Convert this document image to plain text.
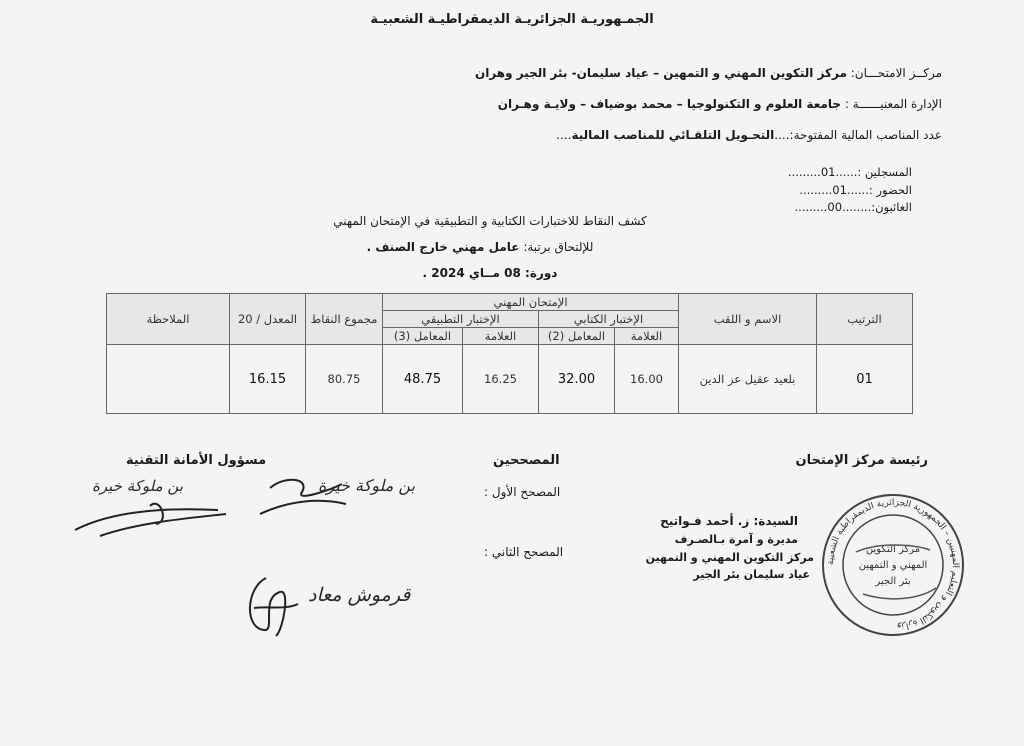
الجمـهوريـة الجزائريـة الديمقراطيـة الشعبيـة
مركــز الامتحـــان: مركز التكوين المهني و التمهين – عياد سليمان- بئر الجير وهران
الإدارة المعنيــــــة : جامعة العلوم و التكنولوجيا – محمد بوضياف – ولايـة وهـران
عدد المناصب المالية المفتوحة:....التحـويل التلقـائي للمناصب المالية....
المسجلين :......01.........
الحضور :......01.........
الغائبون:........00.........
كشف النقاط للاختبارات الكتابية و التطبيقية في الإمتحان المهني
للإلتحاق برتبة: عامل مهني خارج الصنف .
دورة: 08 مــاي 2024 .
الترتيب	الاسم و اللقب	الإمتحان المهني				مجموع النقاط	المعدل / 20	الملاحظة
		الإختبار الكتابي		الإختبار التطبيقي				
		العلامة	المعامل (2)	العلامة	المعامل (3)			
01	بلعيد عقيل عز الدين	16.00	32.00	16.25	48.75	80.75	16.15	
رئيسة مركز الإمتحان
المصححين
مسؤول الأمانة التقنية
المصحح الأول :
المصحح الثاني :
بن ملوكة خيرة
قرموش معاد
بن ملوكة خيرة
السيدة: ز. أحمد فـواتيح
مديرة و آمرة بـالصـرف
مركز التكوين المهني و التمهين
عياد سليمان بئر الجير
وزارة التكوين و التعليم المهنيين – الجمهورية الجزائرية الديمقراطية الشعبية
مركز التكوين
المهني و التمهين
بئر الجير
